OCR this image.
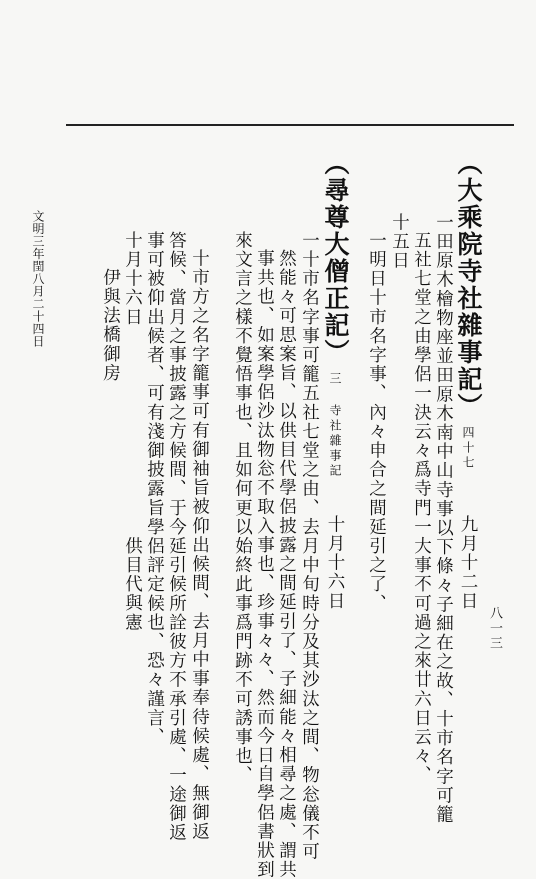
（大乘院寺社雜事記）四十七九月十二日
一田原木檜物座並田原木南中山寺事以下條々子細在之故、十市名字可籠
五社七堂之由學侶一決云々爲寺門一大事不可過之來廿六日云々、
十五日
一明日十市名字事、內々申合之間延引之了、
（尋尊大僧正記）三 寺社雜事記十月十六日
一十市名字事可籠五社七堂之由、去月中旬時分及其沙汰之間、物忩儀不可
然能々可思案旨、以供目代學侶披露之間延引了、子細能々相尋之處、謂共
事共也、如案學侶沙汰物忩不取入事也、珍事々々、然而今日自學侶書狀到
來文言之樣不覺悟事也、且如何更以始終此事爲門跡不可誘事也、
十市方之名字籠事可有御袖旨被仰出候間、去月中事奉待候處、無御返
答候、當月之事披露之方候間、于今延引候所詮彼方不承引處、一途御返
事可被仰出候者、可有淺御披露旨學侶評定候也、恐々謹言、
十月十六日供目代與憲
伊與法橋御房
文明三年閏八月二十四日
八一三
